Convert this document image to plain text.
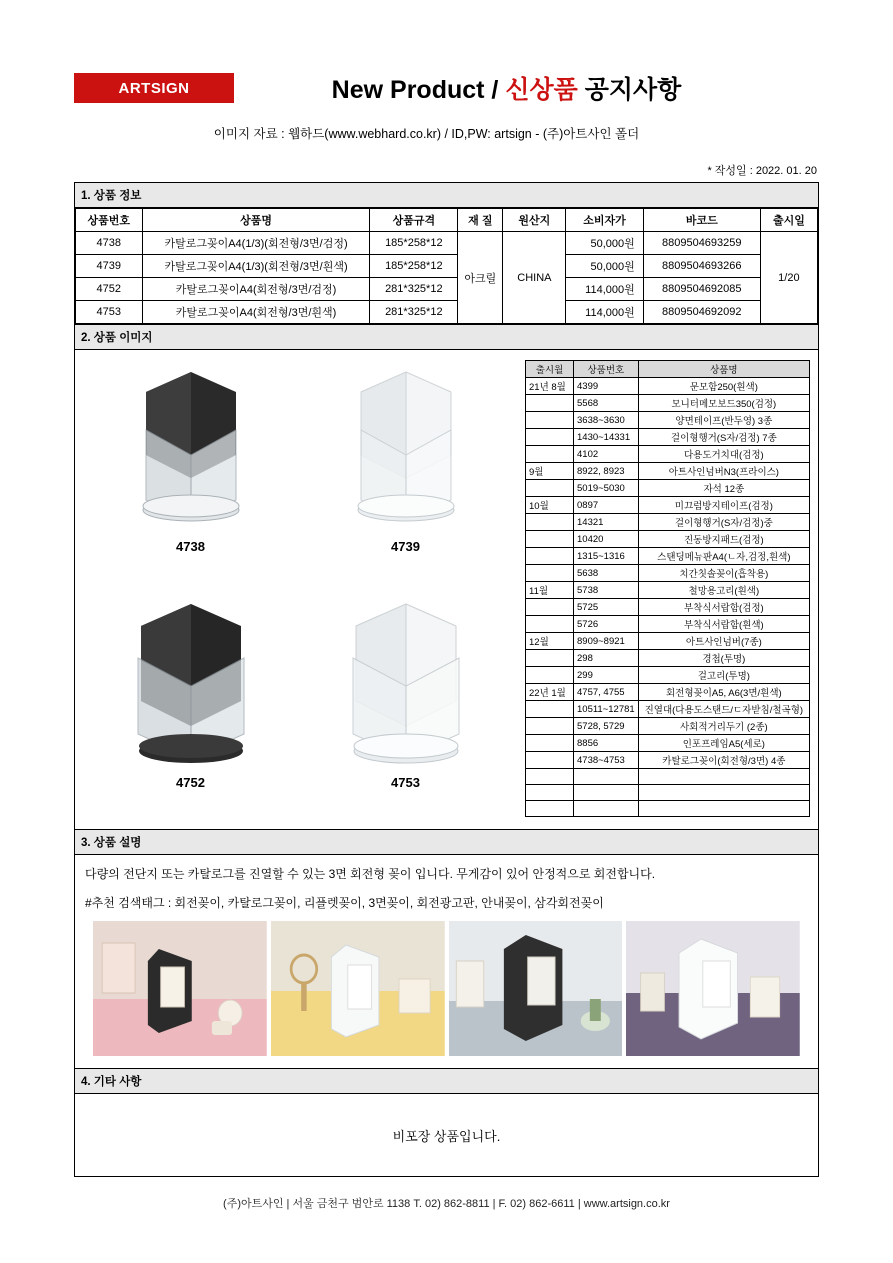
ARTSIGN	New Product / 신상품 공지사항
이미지 자료 : 웹하드(www.webhard.co.kr) / ID,PW: artsign - (주)아트사인 폴더
* 작성일 : 2022. 01. 20
1. 상품 정보
상품번호	상품명	상품규격	재 질	원산지	소비자가	바코드	출시일
4738	카탈로그꽂이A4(1/3)(회전형/3면/검정)	185*258*12	아크릴	CHINA	50,000원	8809504693259	1/20
4739	카탈로그꽂이A4(1/3)(회전형/3면/흰색)	185*258*12			50,000원	8809504693266	
4752	카탈로그꽂이A4(회전형/3면/검정)	281*325*12			114,000원	8809504692085	
4753	카탈로그꽂이A4(회전형/3면/흰색)	281*325*12			114,000원	8809504692092	
2. 상품 이미지
4738	4739
4752	4753
출시월	상품번호	상품명
21년 8월	4399	문모함250(흰색)
	5568	모니터메모보드350(검정)
	3638~3630	양면테이프(반두영) 3종
	1430~14331	걸이형행거(S자/검정) 7종
	4102	다용도거치대(검정)
9월	8922, 8923	아트사인넘버N3(프라이스)
	5019~5030	자석 12종
10월	0897	미끄럼방지테이프(검정)
	14321	걸이형행거(S자/검정)중
	10420	진동방지패드(검정)
	1315~1316	스탠딩메뉴판A4(ㄴ자,검정,흰색)
	5638	치간칫솔꽂이(흡착용)
11월	5738	철망용고리(흰색)
	5725	부착식서랍함(검정)
	5726	부착식서랍함(흰색)
12월	8909~8921	아트사인넘버(7종)
	298	경첩(투명)
	299	걸고리(투명)
22년 1월	4757, 4755	회전형꽂이A5, A6(3면/흰색)
	10511~12781	진열대(다용도스탠드/ㄷ자받침/철곡형)
	5728, 5729	사회적거리두기 (2종)
	8856	인포프레임A5(세로)
	4738~4753	카탈로그꽂이(회전형/3면) 4종

3. 상품 설명
다량의 전단지 또는 카탈로그를 진열할 수 있는 3면 회전형 꽂이 입니다. 무게감이 있어 안정적으로 회전합니다.
#추천 검색태그 : 회전꽂이, 카탈로그꽂이, 리플렛꽂이, 3면꽂이, 회전광고판, 안내꽂이, 삼각회전꽂이
4. 기타 사항
비포장 상품입니다.
(주)아트사인 | 서울 금천구 범안로 1138 T. 02) 862-8811 | F. 02) 862-6611 | www.artsign.co.kr
